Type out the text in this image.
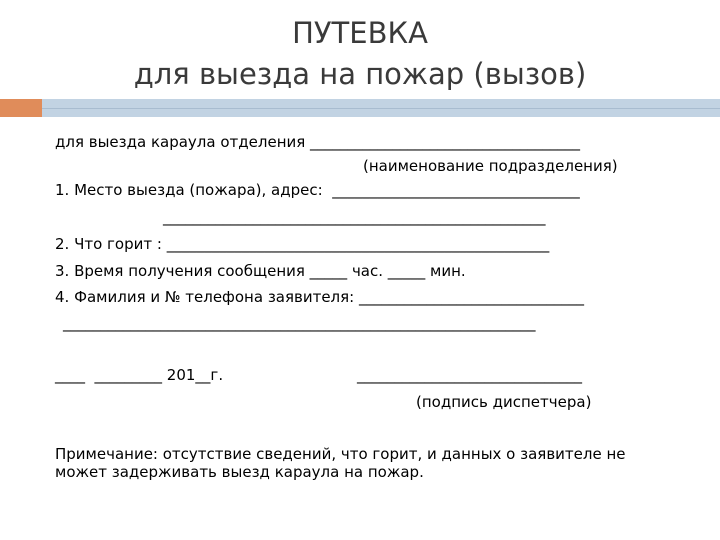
ПУТЕВКА
для выезда на пожар (вызов)
для выезда караула отделения ____________________________________
(наименование подразделения)
1. Место выезда (пожара), адрес:  _________________________________
___________________________________________________
2. Что горит : ___________________________________________________
3. Время получения сообщения _____ час. _____ мин.
4. Фамилия и № телефона заявителя: ______________________________
_______________________________________________________________
____  _________ 201__г.	______________________________
(подпись диспетчера)
Примечание: отсутствие сведений, что горит, и данных о заявителе не
может задерживать выезд караула на пожар.
